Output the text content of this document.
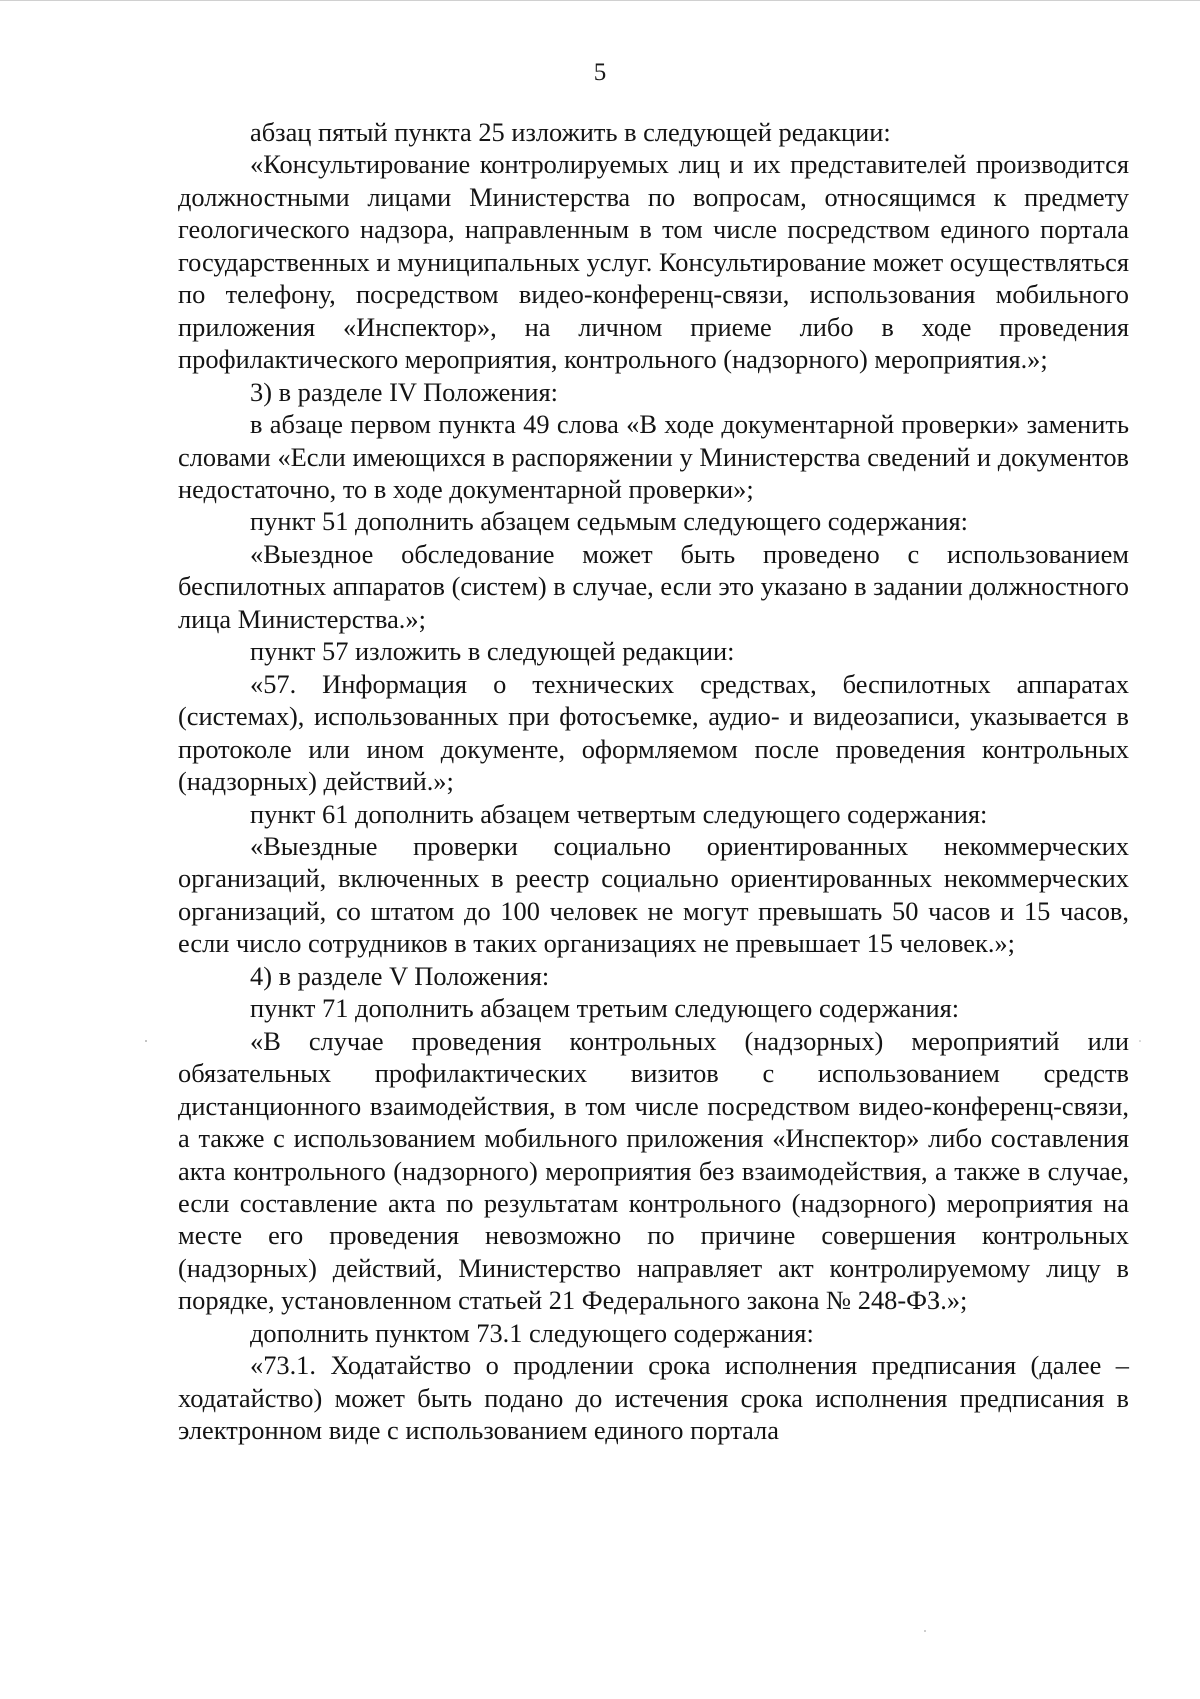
5

абзац пятый пункта 25 изложить в следующей редакции:

«Консультирование контролируемых лиц и их представителей производится должностными лицами Министерства по вопросам, относящимся к предмету геологического надзора, направленным в том числе посредством единого портала государственных и муниципальных услуг. Консультирование может осуществляться по телефону, посредством видео-конференц-связи, использования мобильного приложения «Инспектор», на личном приеме либо в ходе проведения профилактического мероприятия, контрольного (надзорного) мероприятия.»;

3) в разделе IV Положения:

в абзаце первом пункта 49 слова «В ходе документарной проверки» заменить словами «Если имеющихся в распоряжении у Министерства сведений и документов недостаточно, то в ходе документарной проверки»;

пункт 51 дополнить абзацем седьмым следующего содержания:

«Выездное обследование может быть проведено с использованием беспилотных аппаратов (систем) в случае, если это указано в задании должностного лица Министерства.»;

пункт 57 изложить в следующей редакции:

«57. Информация о технических средствах, беспилотных аппаратах (системах), использованных при фотосъемке, аудио- и видеозаписи, указывается в протоколе или ином документе, оформляемом после проведения контрольных (надзорных) действий.»;

пункт 61 дополнить абзацем четвертым следующего содержания:

«Выездные проверки социально ориентированных некоммерческих организаций, включенных в реестр социально ориентированных некоммерческих организаций, со штатом до 100 человек не могут превышать 50 часов и 15 часов, если число сотрудников в таких организациях не превышает 15 человек.»;

4) в разделе V Положения:

пункт 71 дополнить абзацем третьим следующего содержания:

«В случае проведения контрольных (надзорных) мероприятий или обязательных профилактических визитов с использованием средств дистанционного взаимодействия, в том числе посредством видео-конференц-связи, а также с использованием мобильного приложения «Инспектор» либо составления акта контрольного (надзорного) мероприятия без взаимодействия, а также в случае, если составление акта по результатам контрольного (надзорного) мероприятия на месте его проведения невозможно по причине совершения контрольных (надзорных) действий, Министерство направляет акт контролируемому лицу в порядке, установленном статьей 21 Федерального закона № 248-ФЗ.»;

дополнить пунктом 73.1 следующего содержания:

«73.1. Ходатайство о продлении срока исполнения предписания (далее – ходатайство) может быть подано до истечения срока исполнения предписания в электронном виде с использованием единого портала
